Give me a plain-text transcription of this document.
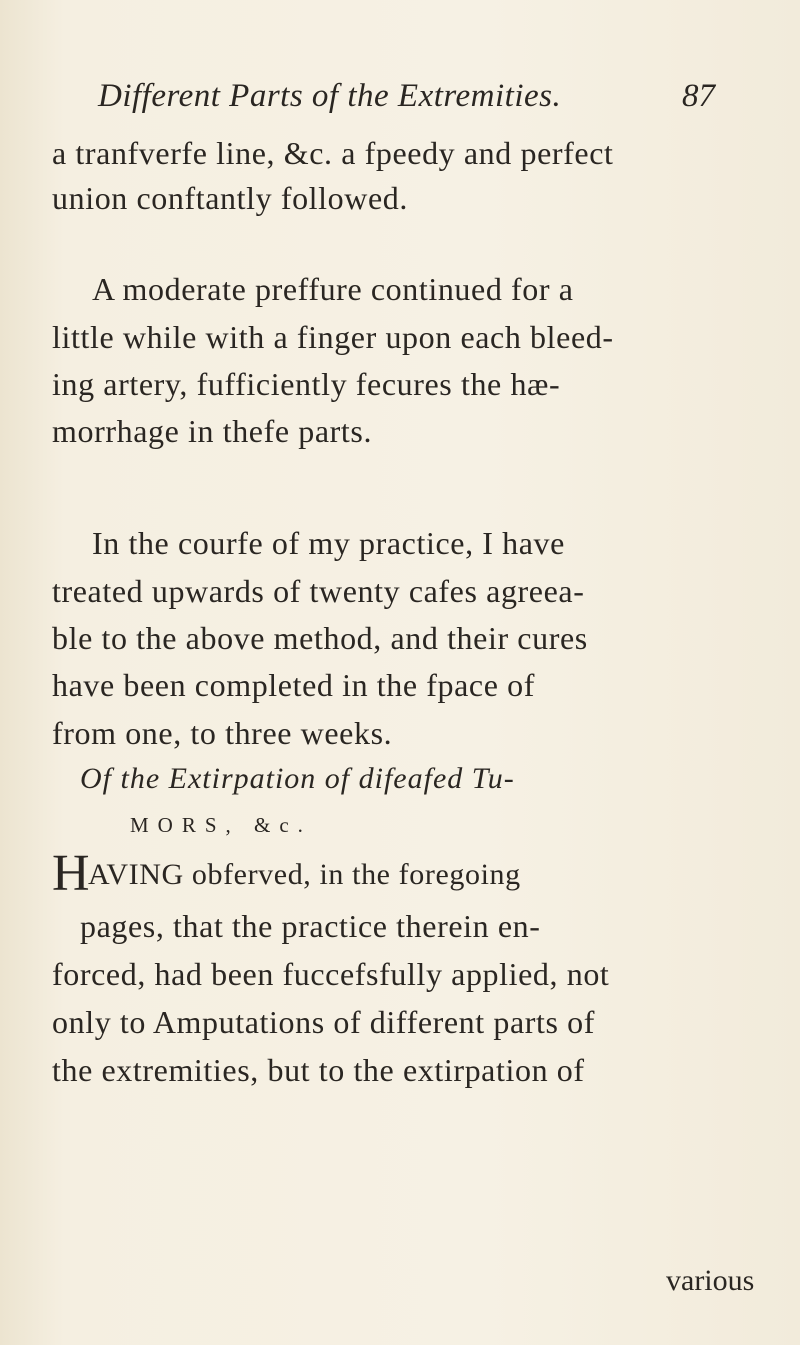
Different Parts of the Extremities.	87
a tranfverfe line, &c. a fpeedy and perfect
union conftantly followed.
A moderate preffure continued for a
little while with a finger upon each bleed-
ing artery, fufficiently fecures the hæ-
morrhage in thefe parts.
In the courfe of my practice, I have
treated upwards of twenty cafes agreea-
ble to the above method, and their cures
have been completed in the fpace of
from one, to three weeks.
Of the Extirpation of difeafed Tu-
MORS, &c.
H
AVING obferved, in the foregoing
pages, that the practice therein en-
forced, had been fuccefsfully applied, not
only to Amputations of different parts of
the extremities, but to the extirpation of
various
